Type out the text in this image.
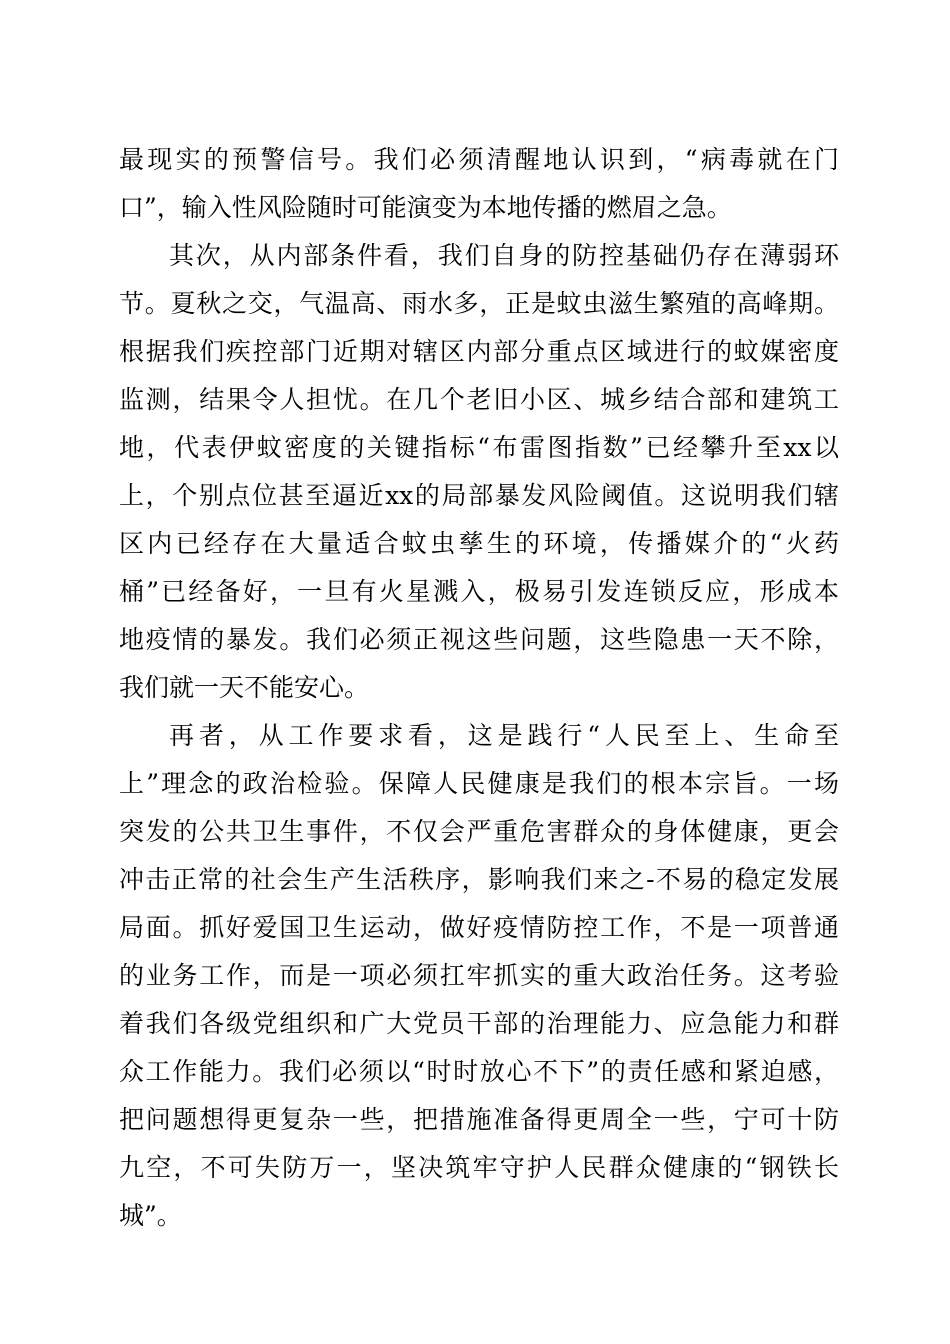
最现实的预警信号。我们必须清醒地认识到，“病毒就在门
口”，输入性风险随时可能演变为本地传播的燃眉之急。
其次，从内部条件看，我们自身的防控基础仍存在薄弱环
节。夏秋之交，气温高、雨水多，正是蚊虫滋生繁殖的高峰期。
根据我们疾控部门近期对辖区内部分重点区域进行的蚊媒密度
监测，结果令人担忧。在几个老旧小区、城乡结合部和建筑工
地，代表伊蚊密度的关键指标“布雷图指数”已经攀升至xx以
上，个别点位甚至逼近xx的局部暴发风险阈值。这说明我们辖
区内已经存在大量适合蚊虫孳生的环境，传播媒介的“火药
桶”已经备好，一旦有火星溅入，极易引发连锁反应，形成本
地疫情的暴发。我们必须正视这些问题，这些隐患一天不除，
我们就一天不能安心。
再者，从工作要求看，这是践行“人民至上、生命至
上”理念的政治检验。保障人民健康是我们的根本宗旨。一场
突发的公共卫生事件，不仅会严重危害群众的身体健康，更会
冲击正常的社会生产生活秩序，影响我们来之-不易的稳定发展
局面。抓好爱国卫生运动，做好疫情防控工作，不是一项普通
的业务工作，而是一项必须扛牢抓实的重大政治任务。这考验
着我们各级党组织和广大党员干部的治理能力、应急能力和群
众工作能力。我们必须以“时时放心不下”的责任感和紧迫感，
把问题想得更复杂一些，把措施准备得更周全一些，宁可十防
九空，不可失防万一，坚决筑牢守护人民群众健康的“钢铁长
城”。
